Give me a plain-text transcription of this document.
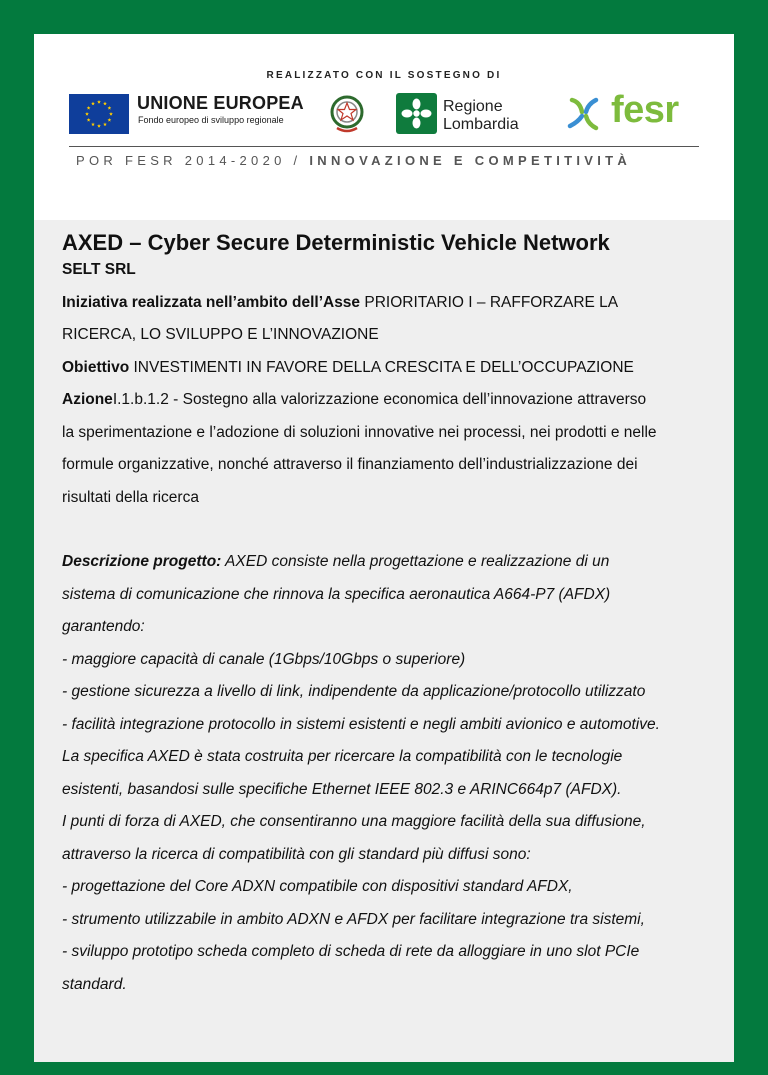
REALIZZATO CON IL SOSTEGNO DI
UNIONE EUROPEA
Fondo europeo di sviluppo regionale
Regione
Lombardia fesr
POR FESR 2014-2020 / INNOVAZIONE E COMPETITIVITÀ

AXED – Cyber Secure Deterministic Vehicle Network

SELT SRL

Iniziativa realizzata nell’ambito dell’Asse PRIORITARIO I – RAFFORZARE LA

RICERCA, LO SVILUPPO E L’INNOVAZIONE

Obiettivo INVESTIMENTI IN FAVORE DELLA CRESCITA E DELL’OCCUPAZIONE

AzioneI.1.b.1.2 - Sostegno alla valorizzazione economica dell’innovazione attraverso

la sperimentazione e l’adozione di soluzioni innovative nei processi, nei prodotti e nelle

formule organizzative, nonché attraverso il finanziamento dell’industrializzazione dei

risultati della ricerca

Descrizione progetto: AXED consiste nella progettazione e realizzazione di un

sistema di comunicazione che rinnova la specifica aeronautica A664-P7 (AFDX)

garantendo:

- maggiore capacità di canale (1Gbps/10Gbps o superiore)

- gestione sicurezza a livello di link, indipendente da applicazione/protocollo utilizzato

- facilità integrazione protocollo in sistemi esistenti e negli ambiti avionico e automotive.

La specifica AXED è stata costruita per ricercare la compatibilità con le tecnologie

esistenti, basandosi sulle specifiche Ethernet IEEE 802.3 e ARINC664p7 (AFDX).

I punti di forza di AXED, che consentiranno una maggiore facilità della sua diffusione,

attraverso la ricerca di compatibilità con gli standard più diffusi sono:

- progettazione del Core ADXN compatibile con dispositivi standard AFDX,

- strumento utilizzabile in ambito ADXN e AFDX per facilitare integrazione tra sistemi,

- sviluppo prototipo scheda completo di scheda di rete da alloggiare in uno slot PCIe

standard.
